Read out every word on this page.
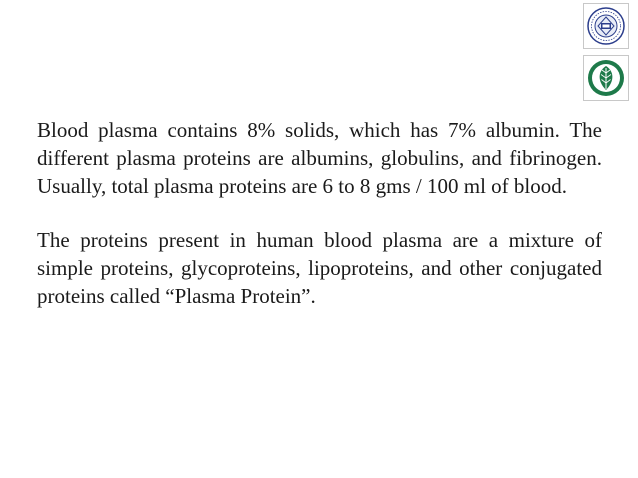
Blood plasma contains 8% solids, which has 7% albumin. The different plasma proteins are albumins, globulins, and fibrinogen. Usually, total plasma proteins are 6 to 8 gms / 100 ml of blood.

The proteins present in human blood plasma are a mixture of simple proteins, glycoproteins, lipoproteins, and other conjugated proteins called “Plasma Protein”.
